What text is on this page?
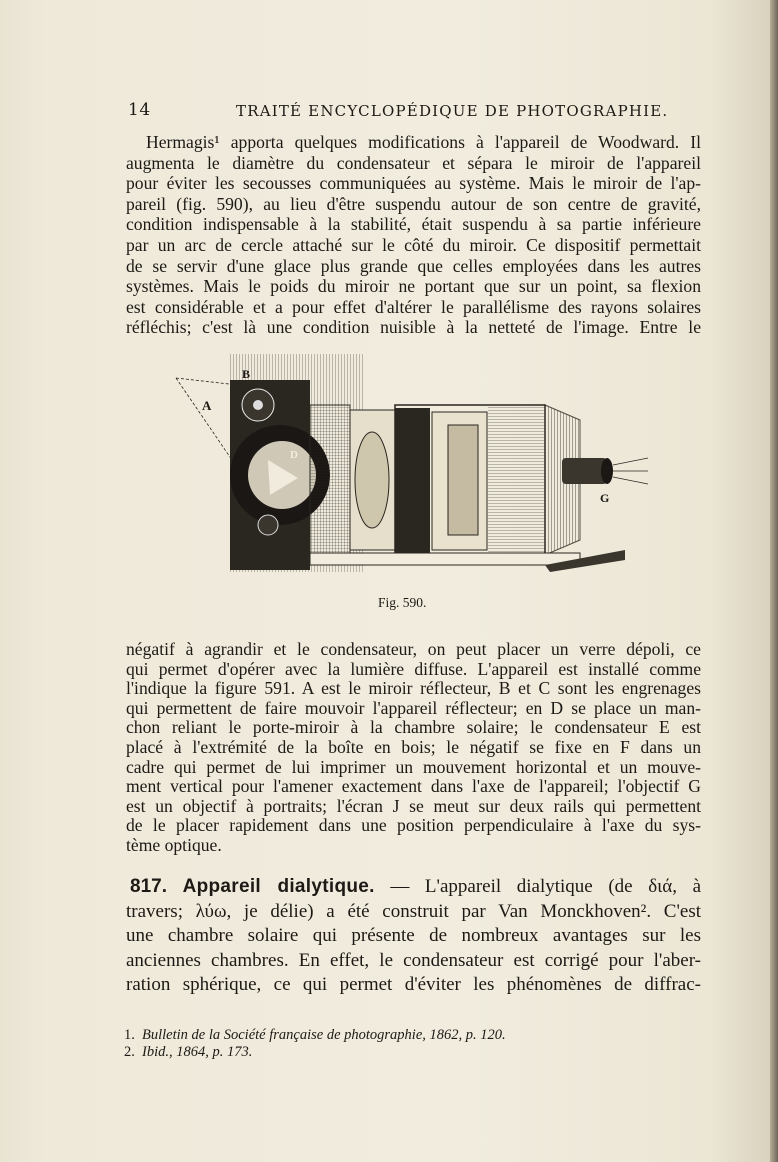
14	TRAITÉ ENCYCLOPÉDIQUE DE PHOTOGRAPHIE.

Hermagis¹ apporta quelques modifications à l'appareil de Woodward. Il
augmenta le diamètre du condensateur et sépara le miroir de l'appareil
pour éviter les secousses communiquées au système. Mais le miroir de l'ap-
pareil (fig. 590), au lieu d'être suspendu autour de son centre de gravité,
condition indispensable à la stabilité, était suspendu à sa partie inférieure
par un arc de cercle attaché sur le côté du miroir. Ce dispositif permettait
de se servir d'une glace plus grande que celles employées dans les autres
systèmes. Mais le poids du miroir ne portant que sur un point, sa flexion
est considérable et a pour effet d'altérer le parallélisme des rayons solaires
réfléchis; c'est là une condition nuisible à la netteté de l'image. Entre le

A
B
D
G
Fig. 590.

négatif à agrandir et le condensateur, on peut placer un verre dépoli, ce
qui permet d'opérer avec la lumière diffuse. L'appareil est installé comme
l'indique la figure 591. A est le miroir réflecteur, B et C sont les engrenages
qui permettent de faire mouvoir l'appareil réflecteur; en D se place un man-
chon reliant le porte-miroir à la chambre solaire; le condensateur E est
placé à l'extrémité de la boîte en bois; le négatif se fixe en F dans un
cadre qui permet de lui imprimer un mouvement horizontal et un mouve-
ment vertical pour l'amener exactement dans l'axe de l'appareil; l'objectif G
est un objectif à portraits; l'écran J se meut sur deux rails qui permettent
de le placer rapidement dans une position perpendiculaire à l'axe du sys-
tème optique.

817. Appareil dialytique. — L'appareil dialytique (de διά, à
travers; λύω, je délie) a été construit par Van Monckhoven². C'est
une chambre solaire qui présente de nombreux avantages sur les
anciennes chambres. En effet, le condensateur est corrigé pour l'aber-
ration sphérique, ce qui permet d'éviter les phénomènes de diffrac-

1. Bulletin de la Société française de photographie, 1862, p. 120.
2. Ibid., 1864, p. 173.
